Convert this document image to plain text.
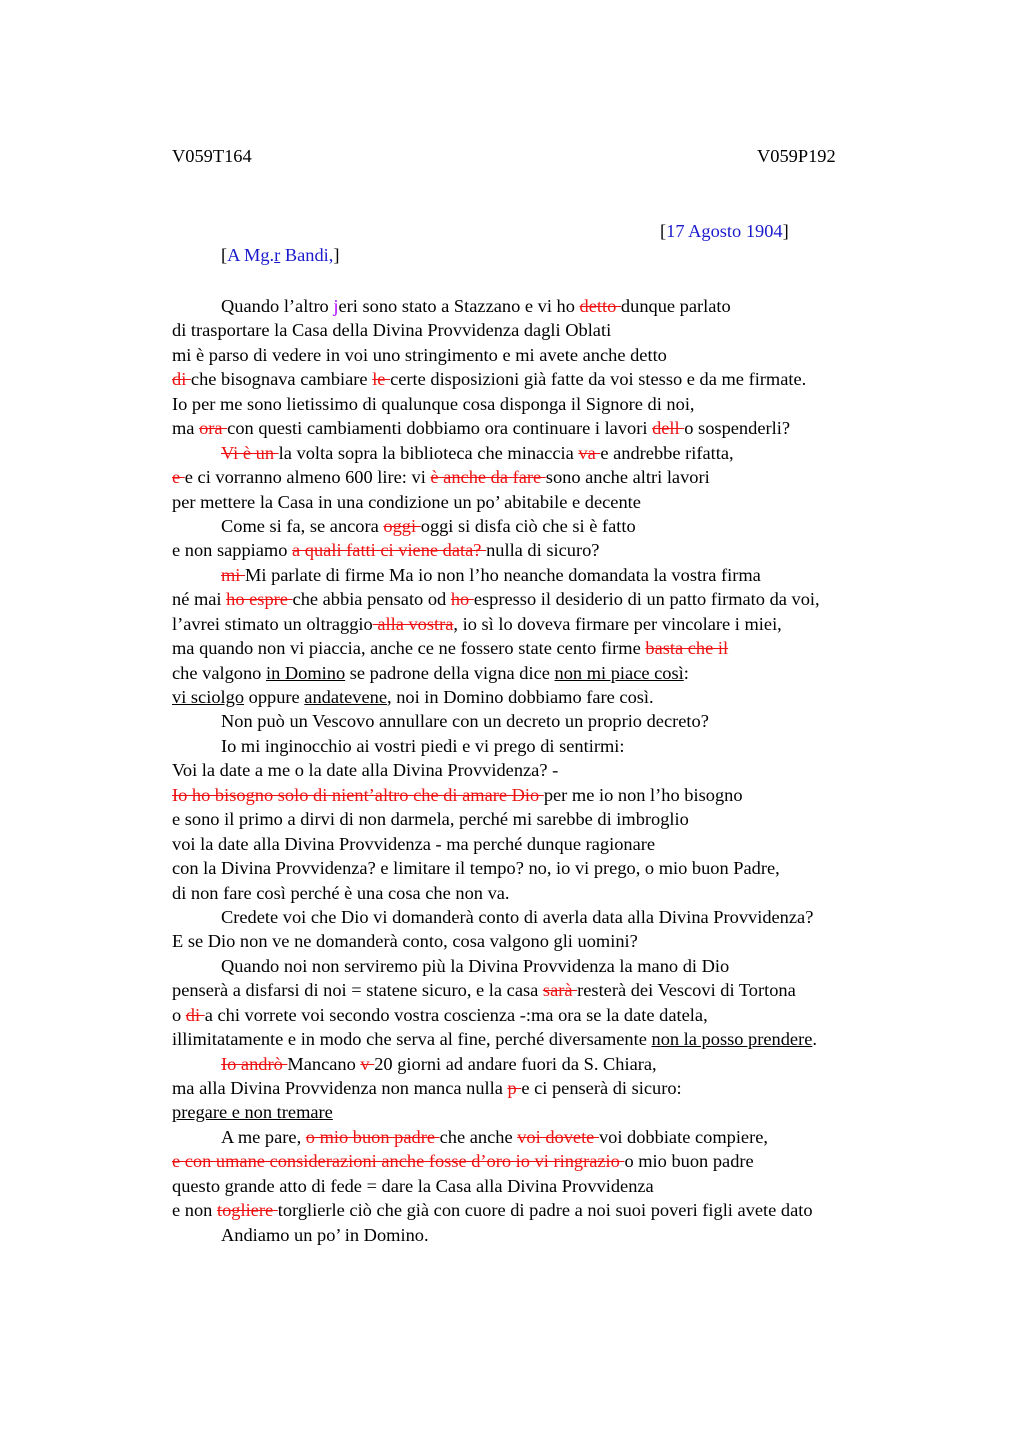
V059T164	V059P192
[17 Agosto 1904]
[A Mg.r Bandi,]
Quando l’altro jeri sono stato a Stazzano e vi ho detto dunque parlato
di trasportare la Casa della Divina Provvidenza dagli Oblati
mi è parso di vedere in voi uno stringimento e mi avete anche detto
di che bisognava cambiare le certe disposizioni già fatte da voi stesso e da me firmate.
Io per me sono lietissimo di qualunque cosa disponga il Signore di noi,
ma ora con questi cambiamenti dobbiamo ora continuare i lavori dell o sospenderli?
Vi è un la volta sopra la biblioteca che minaccia va e andrebbe rifatta,
e e ci vorranno almeno 600 lire: vi è anche da fare sono anche altri lavori
per mettere la Casa in una condizione un po’ abitabile e decente
Come si fa, se ancora oggi oggi si disfa ciò che si è fatto
e non sappiamo a quali fatti ci viene data? nulla di sicuro?
mi Mi parlate di firme Ma io non l’ho neanche domandata la vostra firma
né mai ho espre che abbia pensato od ho espresso il desiderio di un patto firmato da voi,
l’avrei stimato un oltraggio alla vostra, io sì lo doveva firmare per vincolare i miei,
ma quando non vi piaccia, anche ce ne fossero state cento firme basta che il
che valgono in Domino se padrone della vigna dice non mi piace così:
vi sciolgo oppure andatevene, noi in Domino dobbiamo fare così.
Non può un Vescovo annullare con un decreto un proprio decreto?
Io mi inginocchio ai vostri piedi e vi prego di sentirmi:
Voi la date a me o la date alla Divina Provvidenza? -
Io ho bisogno solo di nient’altro che di amare Dio per me io non l’ho bisogno
e sono il primo a dirvi di non darmela, perché mi sarebbe di imbroglio
voi la date alla Divina Provvidenza - ma perché dunque ragionare
con la Divina Provvidenza? e limitare il tempo? no, io vi prego, o mio buon Padre,
di non fare così perché è una cosa che non va.
Credete voi che Dio vi domanderà conto di averla data alla Divina Provvidenza?
E se Dio non ve ne domanderà conto, cosa valgono gli uomini?
Quando noi non serviremo più la Divina Provvidenza la mano di Dio
penserà a disfarsi di noi = statene sicuro, e la casa sarà resterà dei Vescovi di Tortona
o di a chi vorrete voi secondo vostra coscienza -:ma ora se la date datela,
illimitatamente e in modo che serva al fine, perché diversamente non la posso prendere.
Io andrò Mancano v 20 giorni ad andare fuori da S. Chiara,
ma alla Divina Provvidenza non manca nulla p e ci penserà di sicuro:
pregare e non tremare
A me pare, o mio buon padre che anche voi dovete voi dobbiate compiere,
e con umane considerazioni anche fosse d’oro io vi ringrazio o mio buon padre
questo grande atto di fede = dare la Casa alla Divina Provvidenza
e non togliere torglierle ciò che già con cuore di padre a noi suoi poveri figli avete dato
Andiamo un po’ in Domino.
